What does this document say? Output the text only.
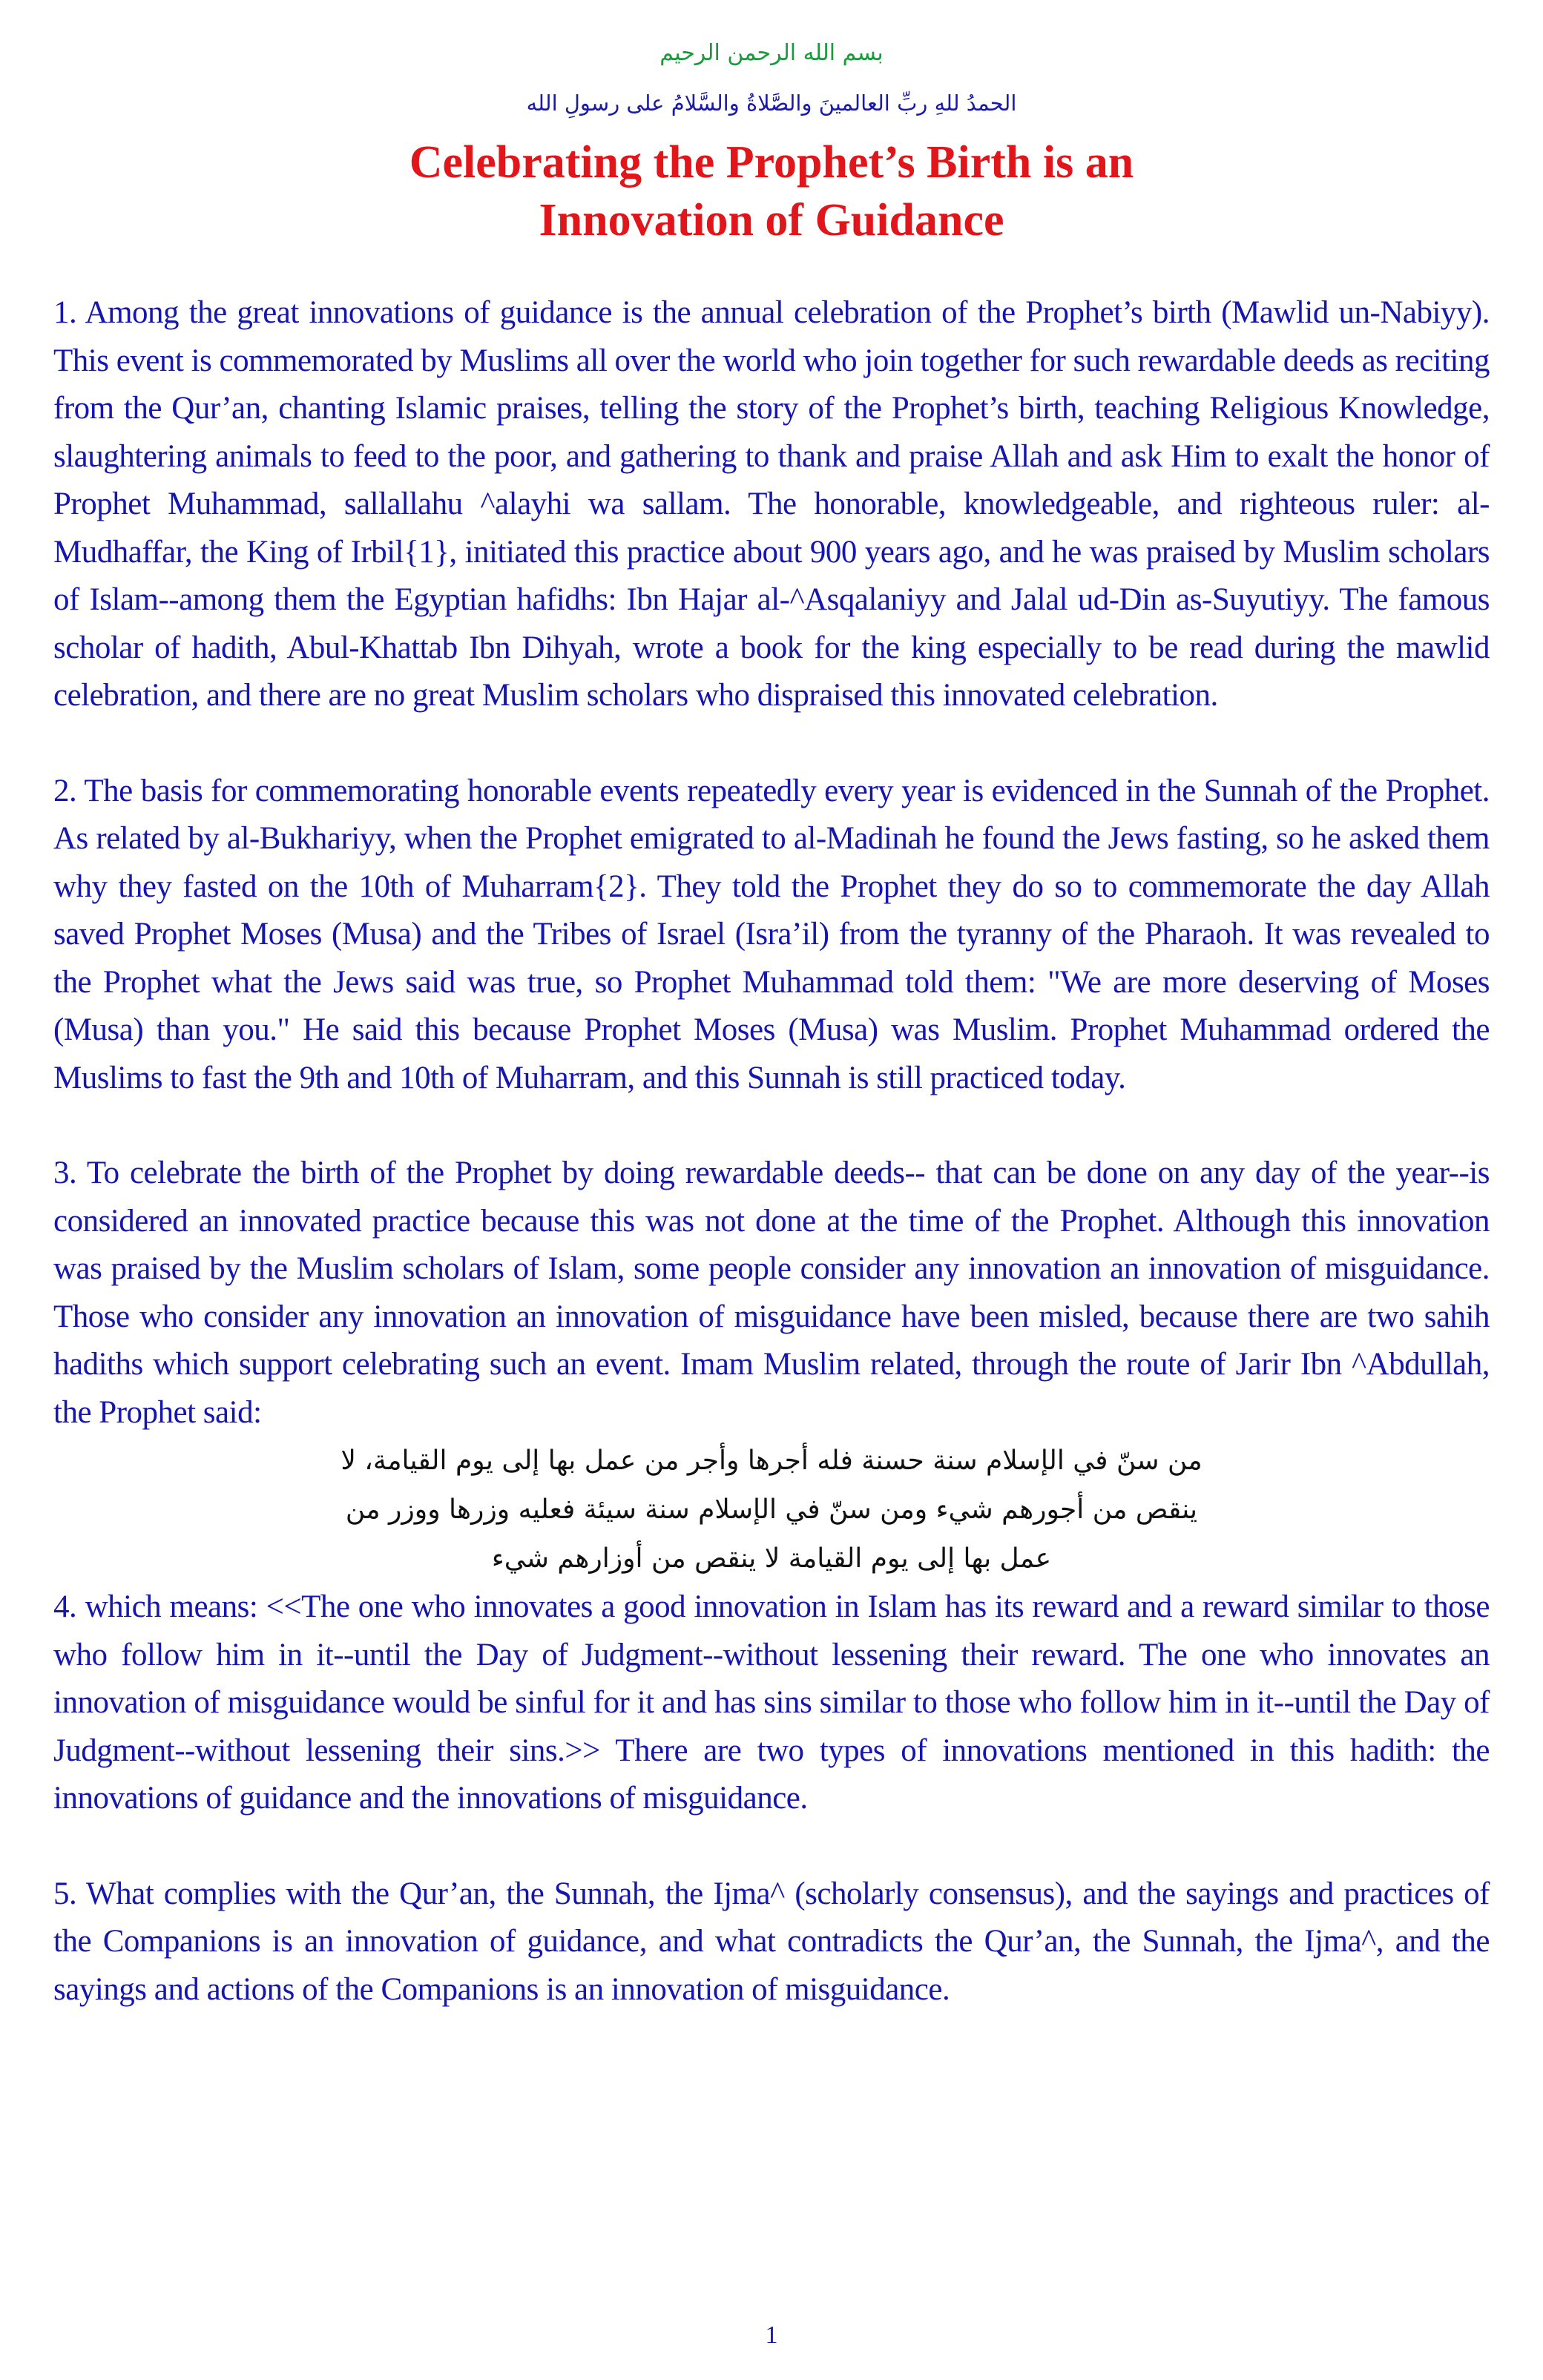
بسم الله الرحمن الرحيم

الحمدُ للهِ ربِّ العالمينَ والصَّلاةُ والسَّلامُ على رسولِ الله

Celebrating the Prophet’s Birth is an
Innovation of Guidance

1. Among the great innovations of guidance is the annual celebration of the Prophet’s birth (Mawlid un-Nabiyy). This event is commemorated by Muslims all over the world who join together for such rewardable deeds as reciting from the Qur’an, chanting Islamic praises, telling the story of the Prophet’s birth, teaching Religious Knowledge, slaughtering animals to feed to the poor, and gathering to thank and praise Allah and ask Him to exalt the honor of Prophet Muhammad, sallallahu ^alayhi wa sallam. The honorable, knowledgeable, and righteous ruler: al-Mudhaffar, the King of Irbil{1}, initiated this practice about 900 years ago, and he was praised by Muslim scholars of Islam--among them the Egyptian hafidhs: Ibn Hajar al-^Asqalaniyy and Jalal ud-Din as-Suyutiyy. The famous scholar of hadith, Abul-Khattab Ibn Dihyah, wrote a book for the king especially to be read during the mawlid celebration, and there are no great Muslim scholars who dispraised this innovated celebration.

2. The basis for commemorating honorable events repeatedly every year is evidenced in the Sunnah of the Prophet. As related by al-Bukhariyy, when the Prophet emigrated to al-Madinah he found the Jews fasting, so he asked them why they fasted on the 10th of Muharram{2}. They told the Prophet they do so to commemorate the day Allah saved Prophet Moses (Musa) and the Tribes of Israel (Isra’il) from the tyranny of the Pharaoh. It was revealed to the Prophet what the Jews said was true, so Prophet Muhammad told them: "We are more deserving of Moses (Musa) than you." He said this because Prophet Moses (Musa) was Muslim. Prophet Muhammad ordered the Muslims to fast the 9th and 10th of Muharram, and this Sunnah is still practiced today.

3. To celebrate the birth of the Prophet by doing rewardable deeds-- that can be done on any day of the year--is considered an innovated practice because this was not done at the time of the Prophet. Although this innovation was praised by the Muslim scholars of Islam, some people consider any innovation an innovation of misguidance. Those who consider any innovation an innovation of misguidance have been misled, because there are two sahih hadiths which support celebrating such an event. Imam Muslim related, through the route of Jarir Ibn ^Abdullah, the Prophet said:

من سنّ في الإسلام سنة حسنة فله أجرها وأجر من عمل بها إلى يوم القيامة، لا
ينقص من أجورهم شيء ومن سنّ في الإسلام سنة سيئة فعليه وزرها ووزر من
عمل بها إلى يوم القيامة لا ينقص من أوزارهم شيء

4. which means: <<The one who innovates a good innovation in Islam has its reward and a reward similar to those who follow him in it--until the Day of Judgment--without lessening their reward. The one who innovates an innovation of misguidance would be sinful for it and has sins similar to those who follow him in it--until the Day of Judgment--without lessening their sins.>> There are two types of innovations mentioned in this hadith: the innovations of guidance and the innovations of misguidance.

5. What complies with the Qur’an, the Sunnah, the Ijma^ (scholarly consensus), and the sayings and practices of the Companions is an innovation of guidance, and what contradicts the Qur’an, the Sunnah, the Ijma^, and the sayings and actions of the Companions is an innovation of misguidance.

1
